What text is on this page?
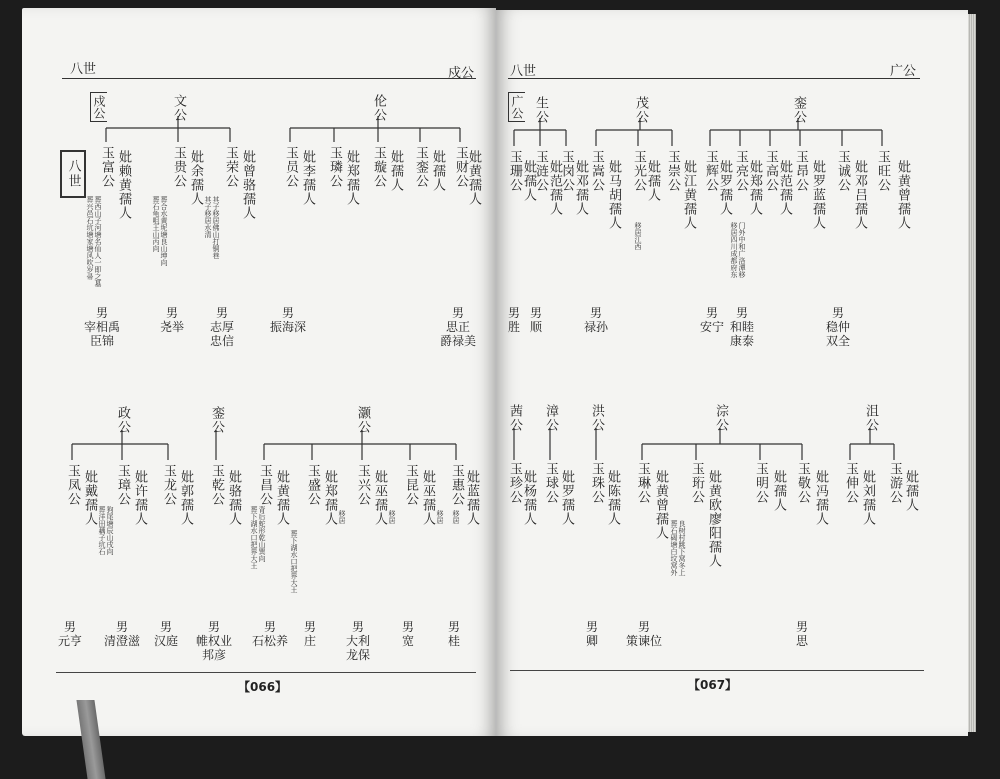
八世	戍公	八世	广公
【066】	【067】
八世
戍公	广公
文公	伦公
政公	銮公	灏公
玉富公 妣赖黄孺人
葬西山子河塘名仙人一即之墓
葬兴邑石坑塘家塘风吹岁帚
男
宰相禹
臣锦
玉贵公 妣余孺人
葬合水黄坭塘良山坤向
葬石龟咀王山丙向
男
尧举
玉荣公 妣曾骆孺人
其子移居佛山打铜巷
其子移居水清
男
志厚
忠信
玉员公 妣李孺人
男
振海深
玉璘公 妣郑孺人 玉璇公 妣孺人 玉銮公 妣孺人 玉财公
妣黄孺人
男
思正
爵禄美
玉凤公 妣戴孺人
狗尾塘辰山戌向
葬洋田藕子坑石
男
元亨
玉璋公 妣许孺人
男
清澄滋
玉龙公 妣郭孺人
男
汉庭
玉乾公 妣骆孺人
男
帷权业
邦彦
玉昌公 妣黄孺人
背后蛇形乾山巽向
葬下湖水口把界大王	葬下湖水口把界大王
男
石松养
玉盛公 妣郑孺人 移居
男
庄
玉兴公 妣巫孺人 移居
男
大利
龙保
玉昆公 妣巫孺人 移居
男
宽
玉惠公 妣蓝孺人
移居
男
桂
生公	茂公	銮公
茜公 漳公 洪公	淙公	沮公
玉珊公 妣孺人
男
胜
玉涟公 妣范孺人
男
顺
玉岗公 妣邓孺人 玉嵩公 妣马胡孺人
男
禄孙
玉光公 妣孺人
移居江西
玉崇公 妣江黄孺人 玉辉公 妣罗孺人
男
安宁
玉亮公 妣郑孺人
门外中和广洛潭移
移居四川成都府东
男
和睦
康泰
玉高公 妣范孺人 玉昂公 妣罗蓝孺人 玉诚公 妣邓吕孺人
男
稳仲
双全
玉旺公 妣黄曾孺人
玉珍公 妣杨孺人 玉球公 妣罗孺人 玉珠公 妣陈孺人
男
卿
玉琳公 妣黄曾孺人
良树村跳下窝冬上
葬石碣塘白坟窝外
男
策谏位
玉珩公 妣黄欧廖阳孺人 玉明公 妣孺人 玉敬公 妣冯孺人
男
思
玉伸公 妣刘孺人 玉游公 妣孺人
